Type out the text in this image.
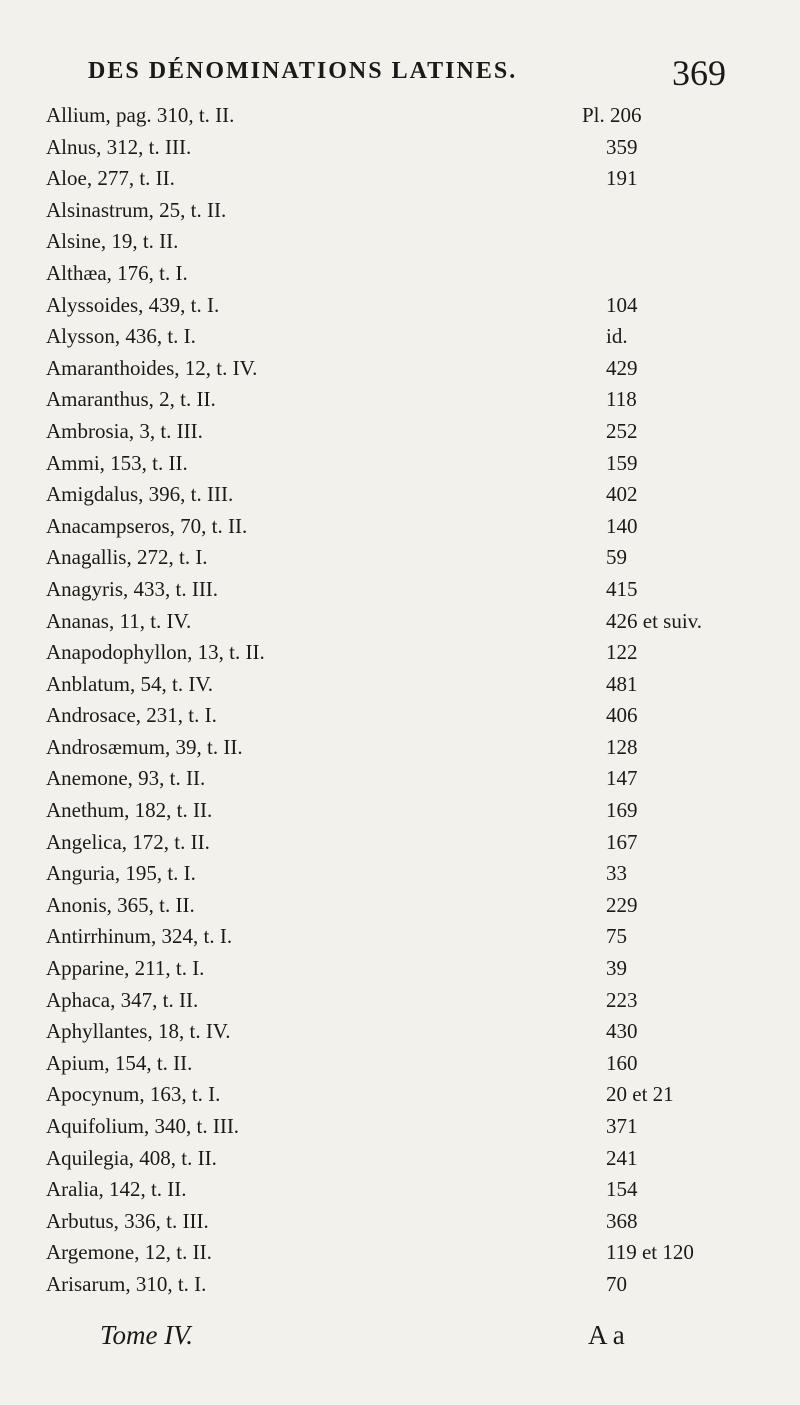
DES DÉNOMINATIONS LATINES.	369
Allium, pag. 310, t. II.	Pl. 206
Alnus, 312, t. III.	359
Aloe, 277, t. II.	191
Alsinastrum, 25, t. II.
Alsine, 19, t. II.
Althæa, 176, t. I.
Alyssoides, 439, t. I.	104
Alysson, 436, t. I.	id.
Amaranthoides, 12, t. IV.	429
Amaranthus, 2, t. II.	118
Ambrosia, 3, t. III.	252
Ammi, 153, t. II.	159
Amigdalus, 396, t. III.	402
Anacampseros, 70, t. II.	140
Anagallis, 272, t. I.	59
Anagyris, 433, t. III.	415
Ananas, 11, t. IV.	426 et suiv.
Anapodophyllon, 13, t. II.	122
Anblatum, 54, t. IV.	481
Androsace, 231, t. I.	406
Androsæmum, 39, t. II.	128
Anemone, 93, t. II.	147
Anethum, 182, t. II.	169
Angelica, 172, t. II.	167
Anguria, 195, t. I.	33
Anonis, 365, t. II.	229
Antirrhinum, 324, t. I.	75
Apparine, 211, t. I.	39
Aphaca, 347, t. II.	223
Aphyllantes, 18, t. IV.	430
Apium, 154, t. II.	160
Apocynum, 163, t. I.	20 et 21
Aquifolium, 340, t. III.	371
Aquilegia, 408, t. II.	241
Aralia, 142, t. II.	154
Arbutus, 336, t. III.	368
Argemone, 12, t. II.	119 et 120
Arisarum, 310, t. I.	70
Tome IV.	A a
